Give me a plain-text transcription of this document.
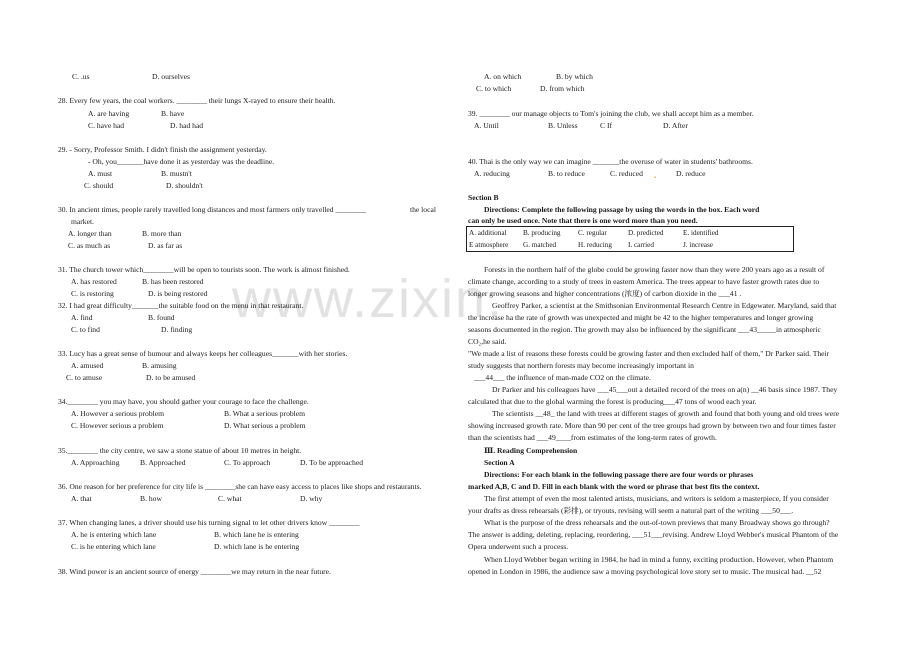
www.zixin.
C. .us	D. ourselves
28. Every few years, the coal workers. ________ their lungs X-rayed to ensure their health.
A. are having	B. have
C. have had	D. had had
29. - Sorry, Professor Smith. I didn't finish the assignment yesterday.
- Oh, you_______have done it as yesterday was the deadline.
A. must	B. mustn't
C. should	D. shouldn't
30. In ancient times, people rarely travelled long distances and most farmers only travelled ________	the local
market.
A. longer than	B. more than
C. as much as	D. as far as
31. The church tower which________will be open to tourists soon. The work is almost finished.
A. has restored	B. has been restored
C. is restoring	D. is being restored
32. I had great difficulty_______the suitable food on the menu in that restaurant.
A. find	B. found
C. to find	D. finding
33. Lucy has a great sense of humour and always keeps her colleagues_______with her stories.
A. amused	B. amusing
C. to amuse	D. to be amused
34.________ you may have, you should gather your courage to face the challenge.
A. However a serious problem	B. What a serious problem
C. However serious a problem	D. What serious a problem
35.________ the city centre, we saw a stone statue of about 10 metres in height.
A. Approaching	B. Approached	C. To approach	D. To be approached
36. One reason for her preference for city life is ________she can have easy access to places like shops and restaurants.
A. that	B. how	C. what	D. why
37. When changing lanes, a driver should use his turning signal to let other drivers know ________
A. he is entering which lane	B. which lane he is entering
C. is he entering which lane	D. which lane is he entering
38. Wind power is an ancient source of energy ________we may return in the near future.
A. on which	B. by which
C. to which	D. from which
39. ________ our manage objects to Tom's joining the club, we shall accept him as a member.
A. Until	B. Unless	C If	D. After
40. Thai is the only way we can imagine _______the overuse of water in students' bathrooms.
A. reducing	B. to reduce	C. reduced .	D. reduce
Section B
Directions: Complete the following passage by using the words in the box. Each word
can only be used once. Note that there is one word more than you need.
A. additional B. producing C. regular	D. predicted	E. identified
E atmosphere G. matched	H. reducing I. carried	J. increase
Forests in the northern half of the globe could be growing faster now than they were 200 years ago as a result of
climate change, according to a study of trees in eastern America. The trees appear to have faster growth rates due to
longer growing seasons and higher concentrations (浓度) of carbon dioxide in the ___41 .
Geoffrey Parker, a scientist at the Smithsonian Environmental Research Centre in Edgewater. Maryland, said that
the increase ha the rate of growth was unexpected and might be 42 to the higher temperatures and longer growing
seasons documented in the region. The growth may also be influenced by the significant ___43_____in atmospheric
CO₂,he said.
"We made a list of reasons these forests could be growing faster and then excluded half of them," Dr Parker said. Their
study suggests that northern forests may become increasingly important in
___44___ the influence of man-made CO2 on the climate.
Dr Parker and his colleagues have ___45___out a detailed record of the trees on a(n) __46 basis since 1987. They
calculated that due to the global warming the forest is producing___47 tons of wood each year.
The scientists __48_ the land with trees at different stages of growth and found that both young and old trees were
showing increased growth rate. More than 90 per cent of the tree groups had grown by between two and four times faster
than the scientists had ___49____from estimates of the long-term rates of growth.
Ⅲ. Reading Comprehension
Section A
Directions: For each blank in the following passage there are four words or phrases
marked A,B, C and D. Fill in each blank with the word or phrase that best fits the context.
The first attempt of even the most talented artists, musicians, and writers is seldom a masterpiece, If you consider
your drafts as dress rehearsals (彩排), or tryouts, revising will seem a natural part of the writing ___50___.
What is the purpose of the dress rehearsals and the out-of-town previews that many Broadway shows go through?
The answer is adding, deleting, replacing, reordering, ___51___revising. Andrew Lloyd Webber's musical Phantom of the
Opera underwent such a process.
When Lloyd Webber began writing in 1984, he had in mind a funny, exciting production. However, when Phantom
opened in London in 1986, the audience saw a moving psychological love story set to music. The musical had. __52
